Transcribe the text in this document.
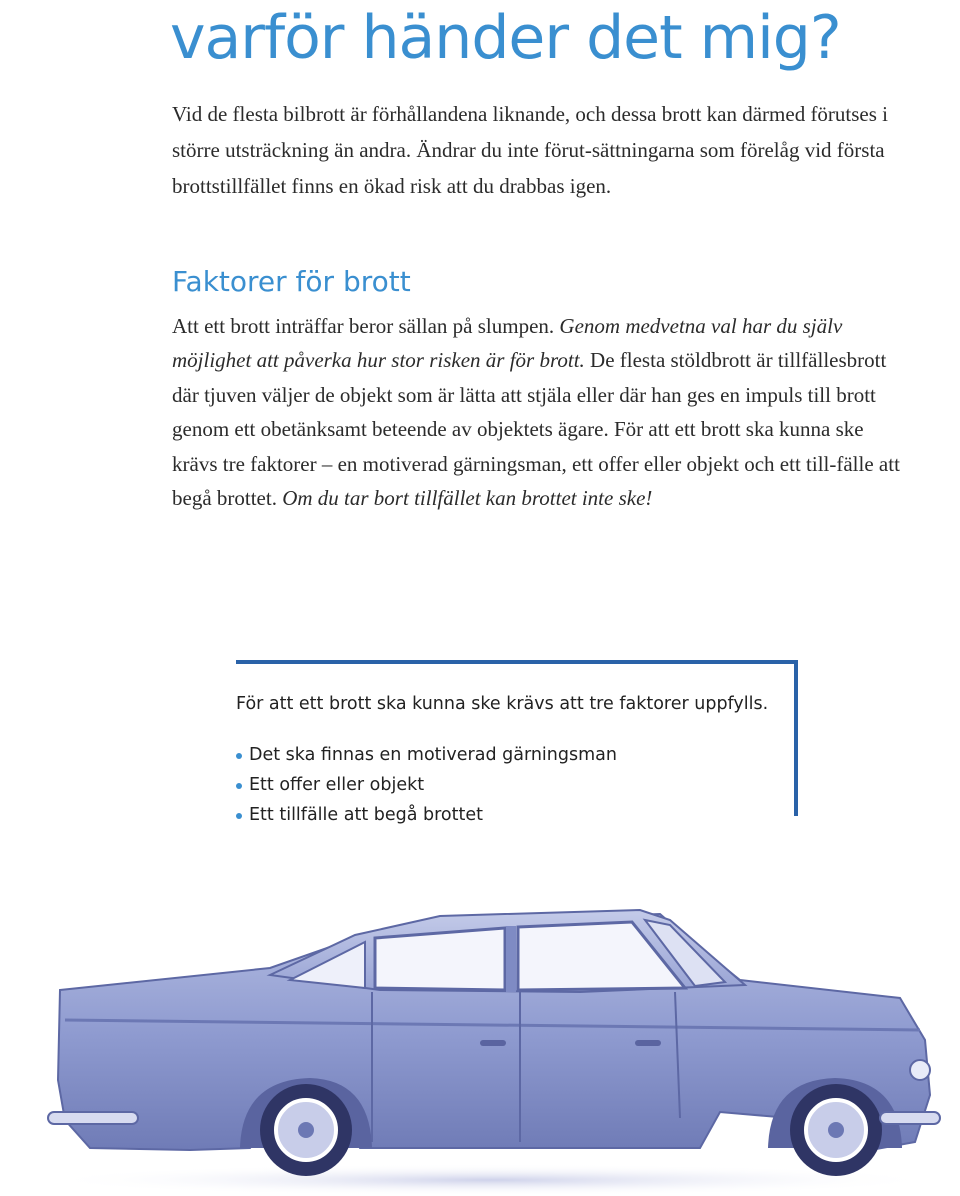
varför händer det mig?

Vid de flesta bilbrott är förhållandena liknande, och dessa brott kan därmed förutses i större utsträckning än andra. Ändrar du inte förut-sättningarna som förelåg vid första brottstillfället finns en ökad risk att du drabbas igen.

Faktorer för brott

Att ett brott inträffar beror sällan på slumpen. Genom medvetna val har du själv möjlighet att påverka hur stor risken är för brott. De flesta stöldbrott är tillfällesbrott där tjuven väljer de objekt som är lätta att stjäla eller där han ges en impuls till brott genom ett obetänksamt beteende av objektets ägare. För att ett brott ska kunna ske krävs tre faktorer – en motiverad gärningsman, ett offer eller objekt och ett till-fälle att begå brottet. Om du tar bort tillfället kan brottet inte ske!

För att ett brott ska kunna ske krävs att tre faktorer uppfylls.

Det ska finnas en motiverad gärningsman
Ett offer eller objekt
Ett tillfälle att begå brottet
